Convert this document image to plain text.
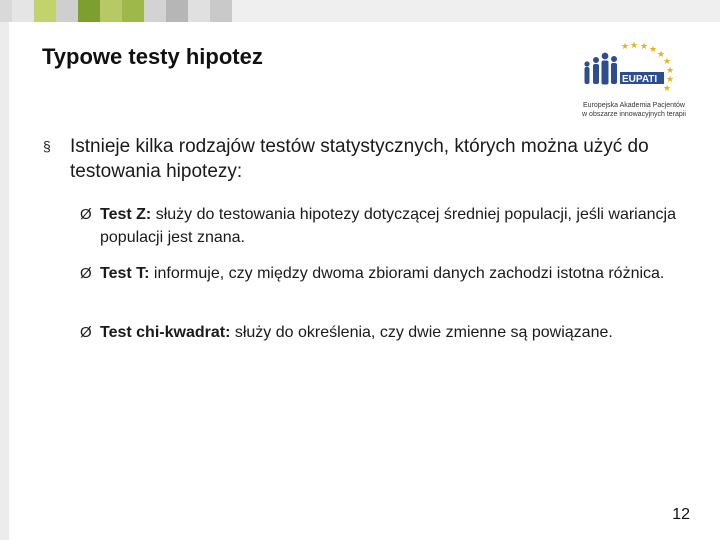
Typowe testy hipotez	★ ★ ★ ★
★
★
★
★
★
EUPATI
Europejska Akademia Pacjentów
w obszarze innowacyjnych terapii
§ Istnieje kilka rodzajów testów statystycznych, których można użyć do testowania hipotezy:
Ø Test Z: służy do testowania hipotezy dotyczącej średniej populacji, jeśli wariancja populacji jest znana.
Ø Test T: informuje, czy między dwoma zbiorami danych zachodzi istotna różnica.
Ø Test chi-kwadrat: służy do określenia, czy dwie zmienne są powiązane.
12
